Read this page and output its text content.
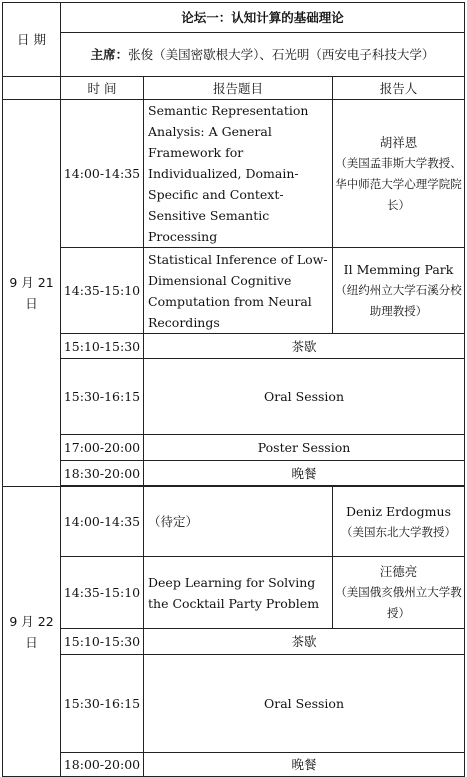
日 期	论坛一：认知计算的基础理论		
	主席：张俊（美国密歇根大学）、石光明（西安电子科技大学）		
	时 间	报告题目	报告人
9 月 21 日	14:00-14:35	Semantic Representation Analysis: A General Framework for Individualized, Domain-Specific and Context-Sensitive Semantic Processing	胡祥恩
（美国孟菲斯大学教授、华中师范大学心理学院院长）

	14:35-15:10	Statistical Inference of Low-Dimensional Cognitive Computation from Neural Recordings	Il Memming Park
（纽约州立大学石溪分校助理教授）

	15:10-15:30	茶歇	
	15:30-16:15	Oral Session	
	17:00-20:00	Poster Session	
	18:30-20:00	晚餐	

9 月 22 日	14:00-14:35	（待定）	Deniz Erdogmus
（美国东北大学教授）

	14:35-15:10	Deep Learning for Solving the Cocktail Party Problem	汪德亮
（美国俄亥俄州立大学教授）

	15:10-15:30	茶歇	
	15:30-16:15	Oral Session	
	18:00-20:00	晚餐	
